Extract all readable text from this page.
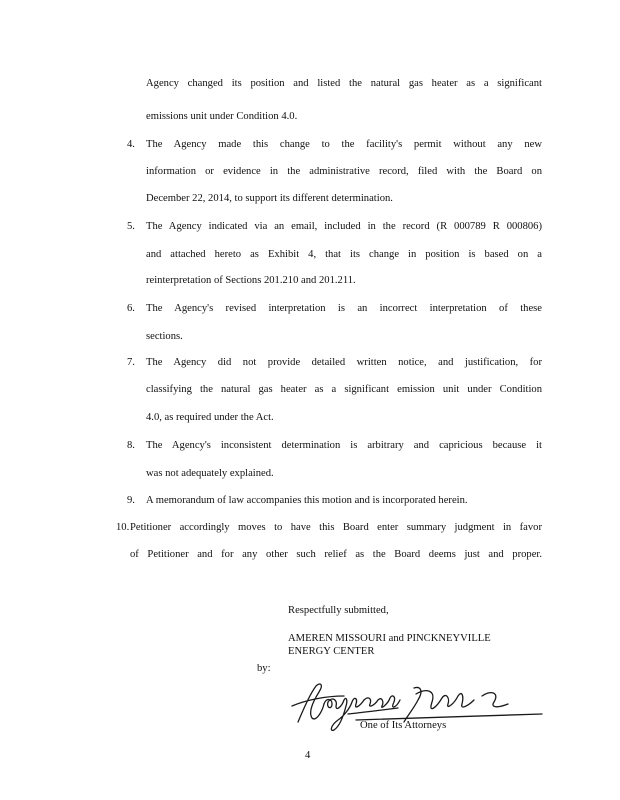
Agency changed its position and listed the natural gas heater as a significant
emissions unit under Condition 4.0.
4. The Agency made this change to the facility's permit without any new
information or evidence in the administrative record, filed with the Board on
December 22, 2014, to support its different determination.
5. The Agency indicated via an email, included in the record (R 000789 R 000806)
and attached hereto as Exhibit 4, that its change in position is based on a
reinterpretation of Sections 201.210 and 201.211.
6. The Agency's revised interpretation is an incorrect interpretation of these
sections.
7. The Agency did not provide detailed written notice, and justification, for
classifying the natural gas heater as a significant emission unit under Condition
4.0, as required under the Act.
8. The Agency's inconsistent determination is arbitrary and capricious because it
was not adequately explained.
9. A memorandum of law accompanies this motion and is incorporated herein.
10. Petitioner accordingly moves to have this Board enter summary judgment in favor
of Petitioner and for any other such relief as the Board deems just and proper.
Respectfully submitted,
AMEREN MISSOURI and PINCKNEYVILLE
ENERGY CENTER
by:
One of Its Attorneys
4
